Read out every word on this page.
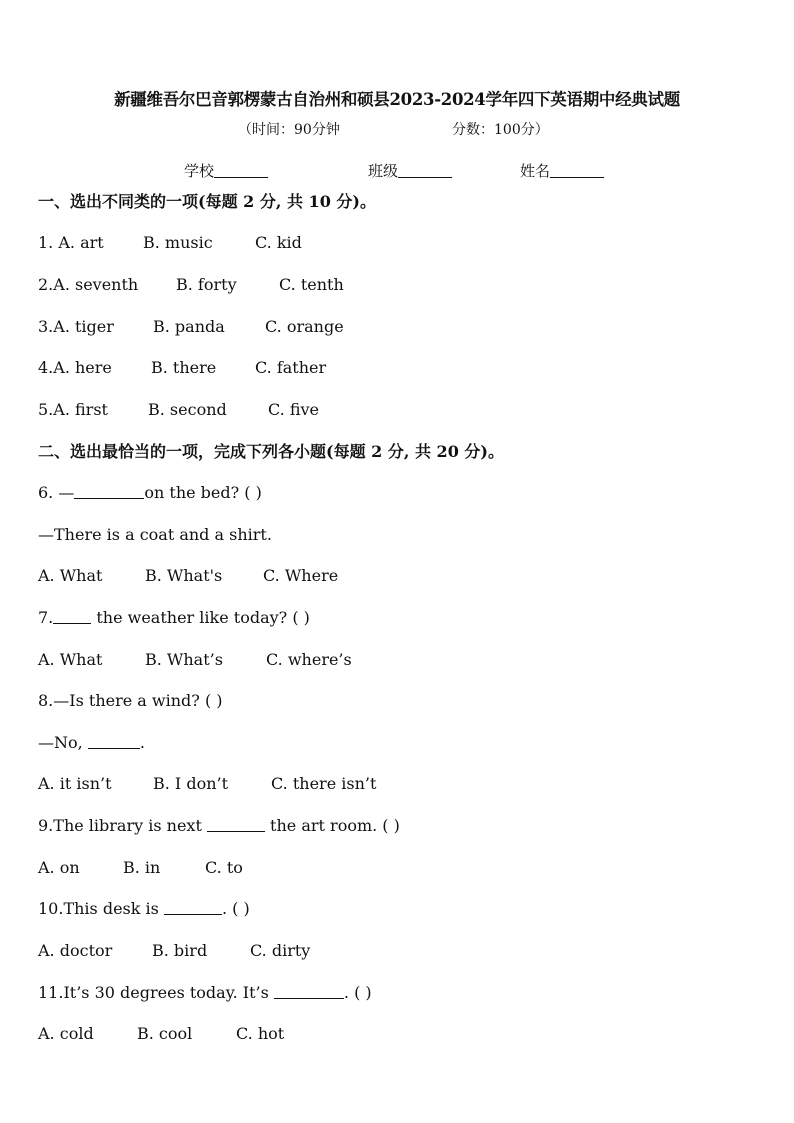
新疆维吾尔巴音郭楞蒙古自治州和硕县2023-2024学年四下英语期中经典试题
（时间：90分钟	分数：100分）
学校	班级	姓名
一、选出不同类的一项(每题 2 分, 共 10 分)。
1. A. art B. music	C. kid
2.A. seventh B. forty	C. tenth
3.A. tiger B. panda	C. orange
4.A. here B. there C. father
5.A. first	B. second	C. five
二、选出最恰当的一项，完成下列各小题(每题 2 分, 共 20 分)。
6. —	on the bed? ( )
—There is a coat and a shirt.
A. What	B. What's	C. Where
7. the weather like today? ( )
A. What	B. What’s	C. where’s
8.—Is there a wind? ( )
—No,	.
A. it isn’t	B. I don’t	C. there isn’t
9.The library is next	the art room. ( )
A. on	B. in	C. to
10.This desk is	. ( )
A. doctor B. bird	C. dirty
11.It’s 30 degrees today. It’s	. ( )
A. cold	B. cool	C. hot
